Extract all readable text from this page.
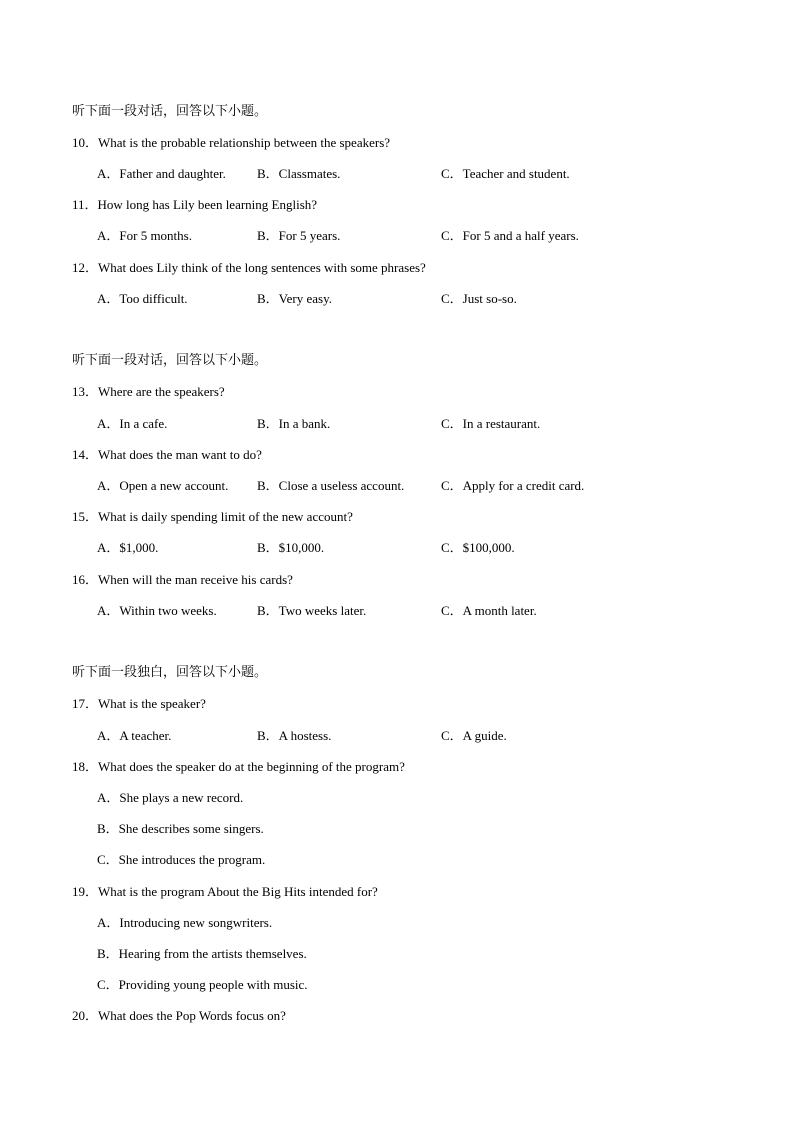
听下面一段对话，回答以下小题。
10．What is the probable relationship between the speakers?
A．Father and daughter. B．Classmates.	C．Teacher and student.
11．How long has Lily been learning English?
A．For 5 months.	B．For 5 years.	C．For 5 and a half years.
12．What does Lily think of the long sentences with some phrases?
A．Too difficult.	B．Very easy.	C．Just so-so.
听下面一段对话，回答以下小题。
13．Where are the speakers?
A．In a cafe.	B．In a bank.	C．In a restaurant.
14．What does the man want to do?
A．Open a new account. B．Close a useless account.	C．Apply for a credit card.
15．What is daily spending limit of the new account?
A．$1,000.	B．$10,000.	C．$100,000.
16．When will the man receive his cards?
A．Within two weeks.	B．Two weeks later.	C．A month later.
听下面一段独白，回答以下小题。
17．What is the speaker?
A．A teacher.	B．A hostess.	C．A guide.
18．What does the speaker do at the beginning of the program?
A．She plays a new record.
B．She describes some singers.
C．She introduces the program.
19．What is the program About the Big Hits intended for?
A．Introducing new songwriters.
B．Hearing from the artists themselves.
C．Providing young people with music.
20．What does the Pop Words focus on?
